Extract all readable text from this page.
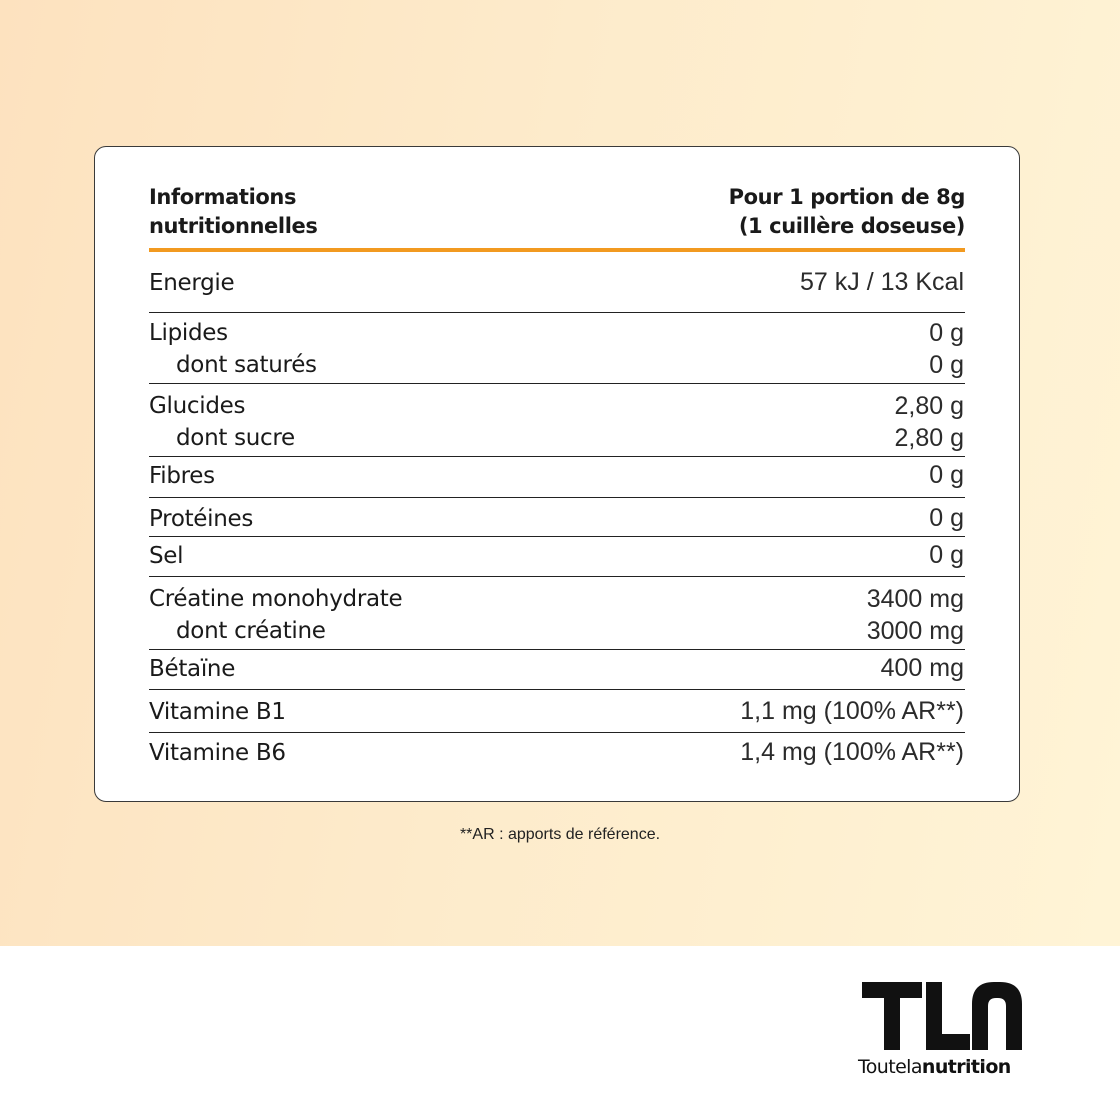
Informations
nutritionnelles
Pour 1 portion de 8g
(1 cuillère doseuse)
Energie	57 kJ / 13 Kcal
Lipides	0 g
dont saturés	0 g
Glucides	2,80 g
dont sucre	2,80 g
Fibres	0 g
Protéines	0 g
Sel	0 g
Créatine monohydrate	3400 mg
dont créatine	3000 mg
Bétaïne	400 mg
Vitamine B1	1,1 mg (100% AR**)
Vitamine B6	1,4 mg (100% AR**)
**AR : apports de référence.
Toutelanutrition
